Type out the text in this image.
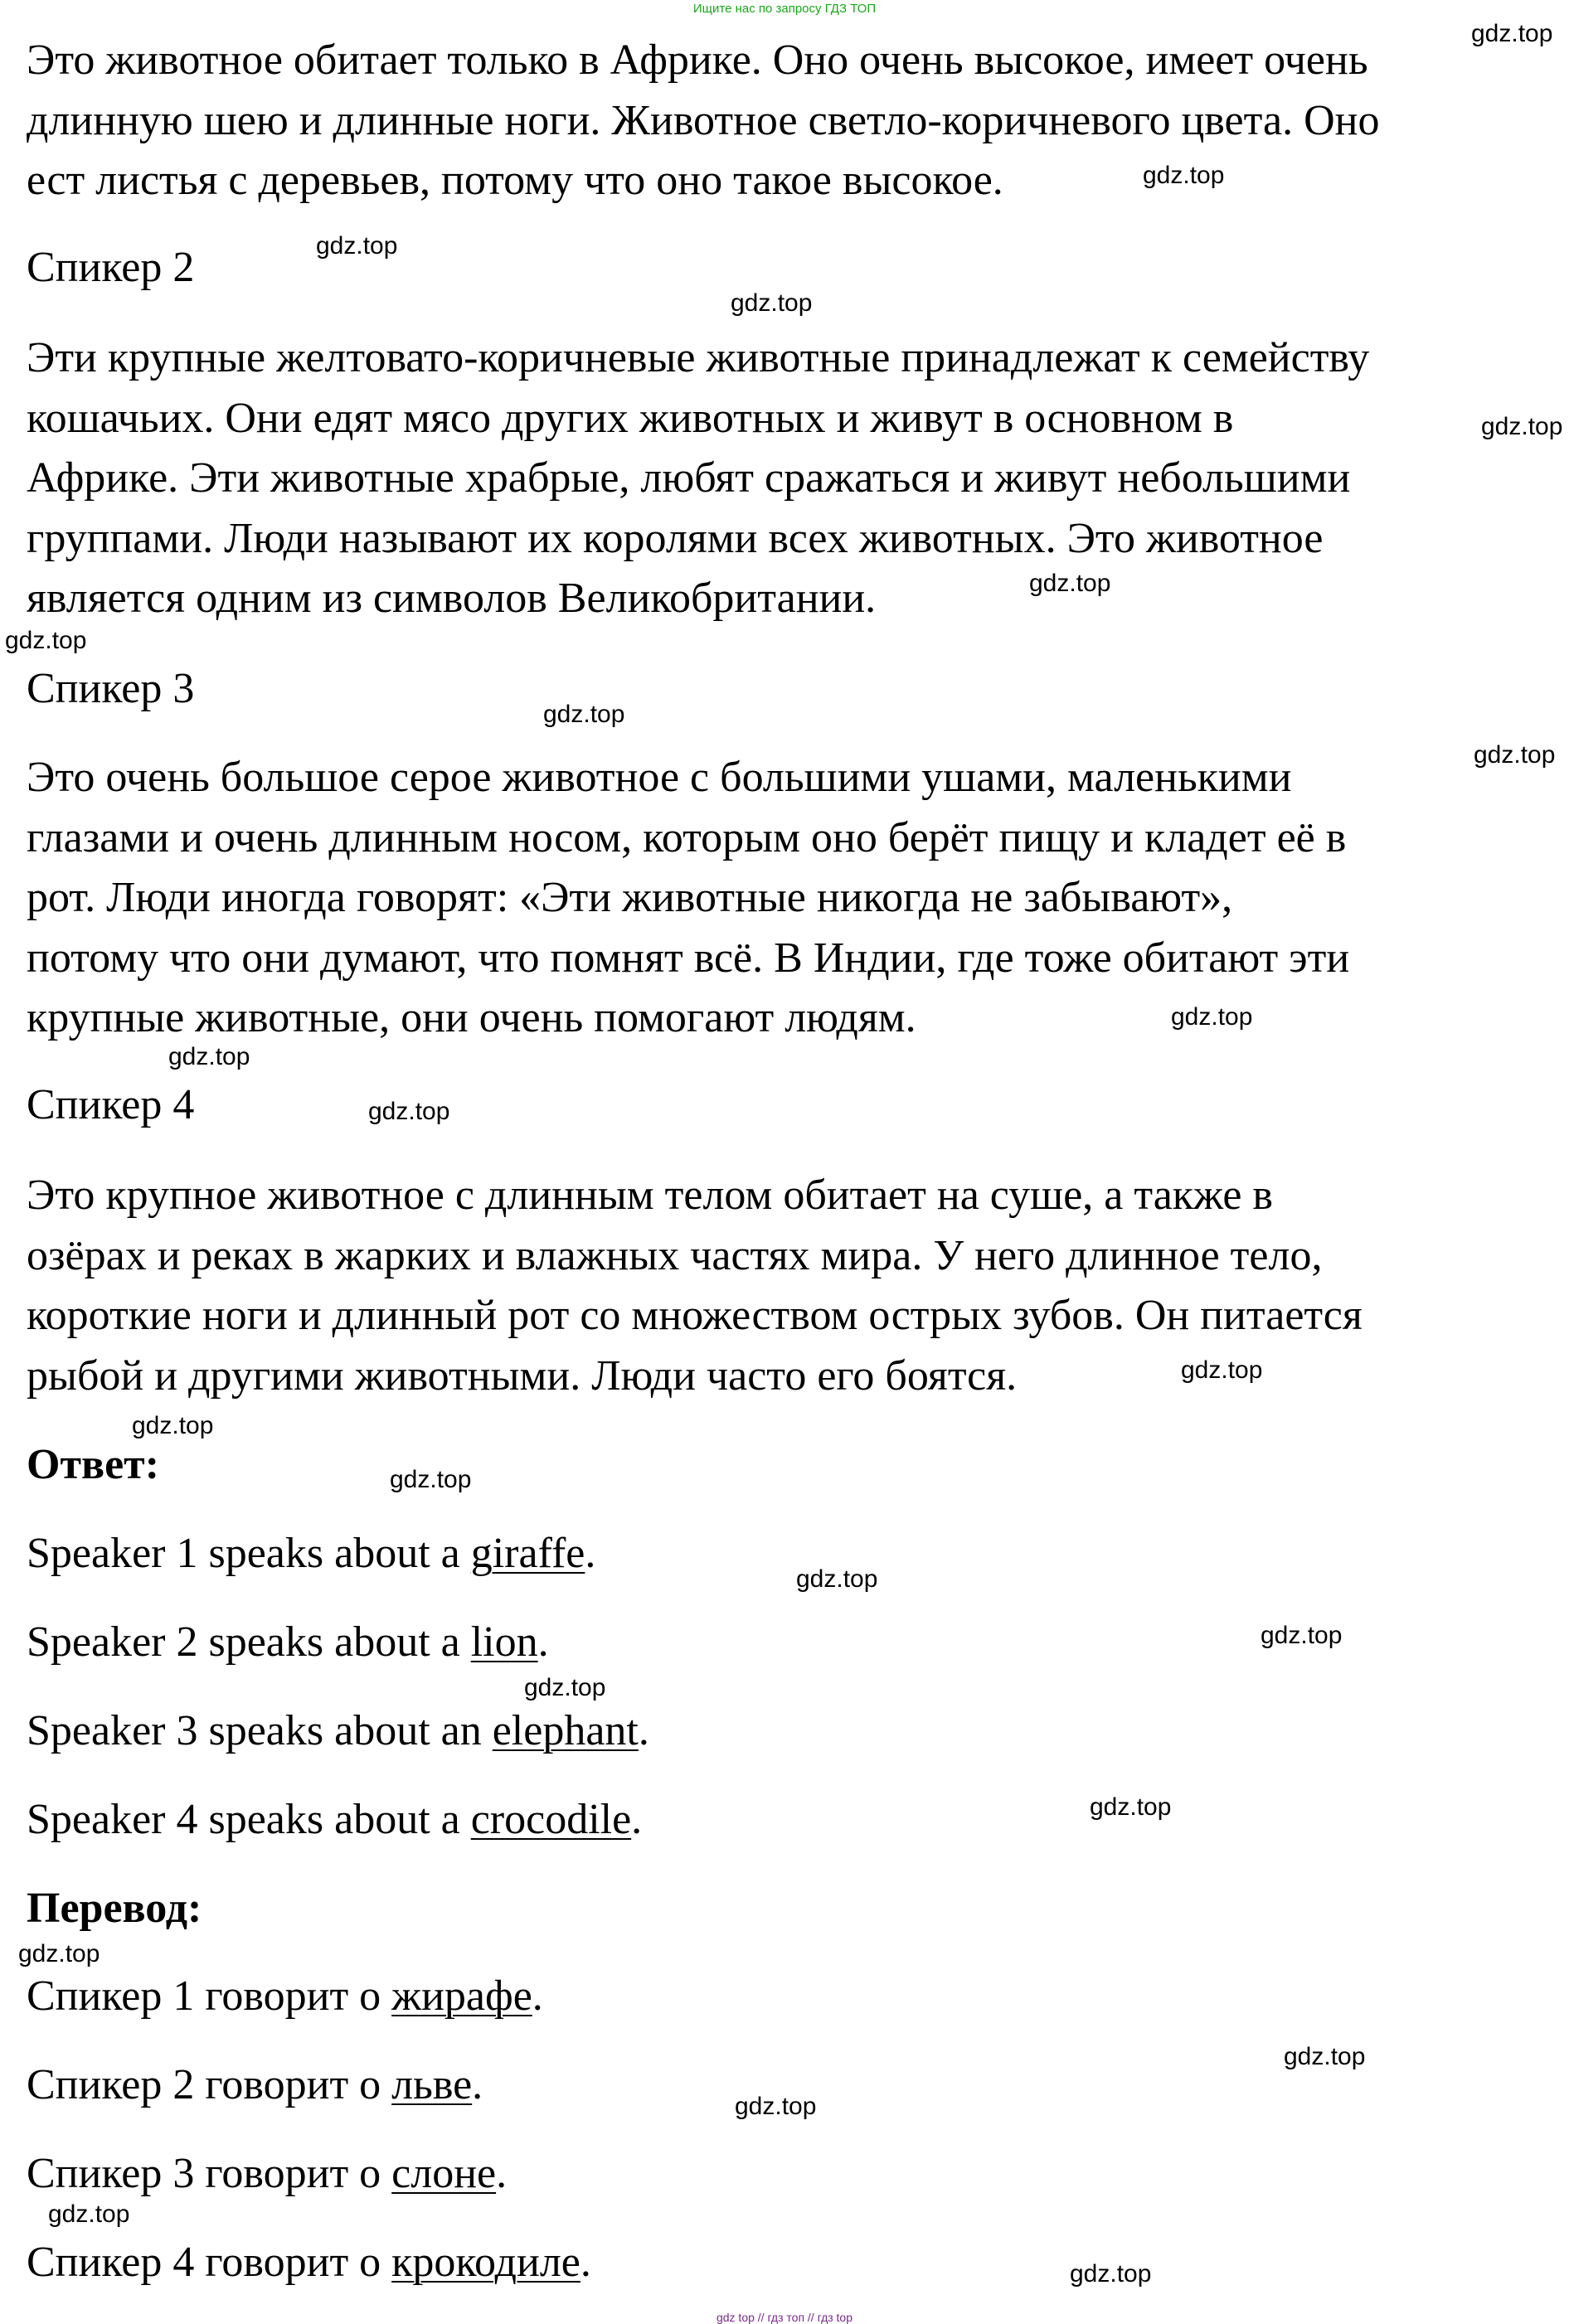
Ищите нас по запросу ГДЗ ТОП

Это животное обитает только в Африке. Оно очень высокое, имеет очень

длинную шею и длинные ноги. Животное светло-коричневого цвета. Оно

ест листья с деревьев, потому что оно такое высокое.

Спикер 2

Эти крупные желтовато-коричневые животные принадлежат к семейству

кошачьих. Они едят мясо других животных и живут в основном в

Африке. Эти животные храбрые, любят сражаться и живут небольшими

группами. Люди называют их королями всех животных. Это животное

является одним из символов Великобритании.

Спикер 3

Это очень большое серое животное с большими ушами, маленькими

глазами и очень длинным носом, которым оно берёт пищу и кладет её в

рот. Люди иногда говорят: «Эти животные никогда не забывают»,

потому что они думают, что помнят всё. В Индии, где тоже обитают эти

крупные животные, они очень помогают людям.

Спикер 4

Это крупное животное с длинным телом обитает на суше, а также в

озёрах и реках в жарких и влажных частях мира. У него длинное тело,

короткие ноги и длинный рот со множеством острых зубов. Он питается

рыбой и другими животными. Люди часто его боятся.

Ответ:
Speaker 1 speaks about a giraffe.
Speaker 2 speaks about a lion.
Speaker 3 speaks about an elephant.
Speaker 4 speaks about a crocodile.
Перевод:
Спикер 1 говорит о жирафе.
Спикер 2 говорит о льве.
Спикер 3 говорит о слоне.
Спикер 4 говорит о крокодиле.
gdz.top
gdz.top
gdz.top
gdz.top
gdz.top
gdz.top
gdz.top
gdz.top
gdz.top
gdz.top
gdz.top
gdz.top
gdz.top
gdz.top
gdz.top
gdz.top
gdz.top
gdz.top
gdz.top
gdz.top
gdz.top
gdz.top
gdz.top
gdz.top
gdz top // гдз топ // гдз top
